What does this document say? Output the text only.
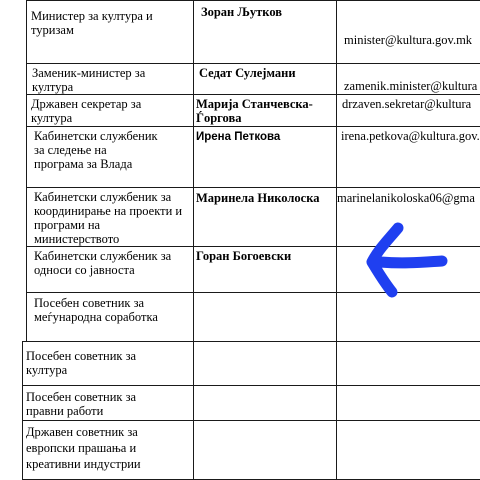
Министер за култура и
туризам
Зоран Љутков
minister@kultura.gov.mk
Заменик-министер за
култура
Седат Сулејмани
zamenik.minister@kultura
Државен секретар за
култура
Марија Станчевска-
Ѓорговa
drzaven.sekretar@kultura
Кабинетски службеник
за следење на
програма за Влада
Ирена Петкова	irena.petkova@kultura.gov.
Кабинетски службеник за
координирање на проекти и
програми на
министерството
Маринела Николоска marinelanikoloska06@gma
Кабинетски службеник за
односи со јавноста
Горан Богоевски
Посебен советник за
меѓународна соработка
Посебен советник за
култура
Посебен советник за
правни работи
Државен советник за
европски прашања и
креативни индустрии
